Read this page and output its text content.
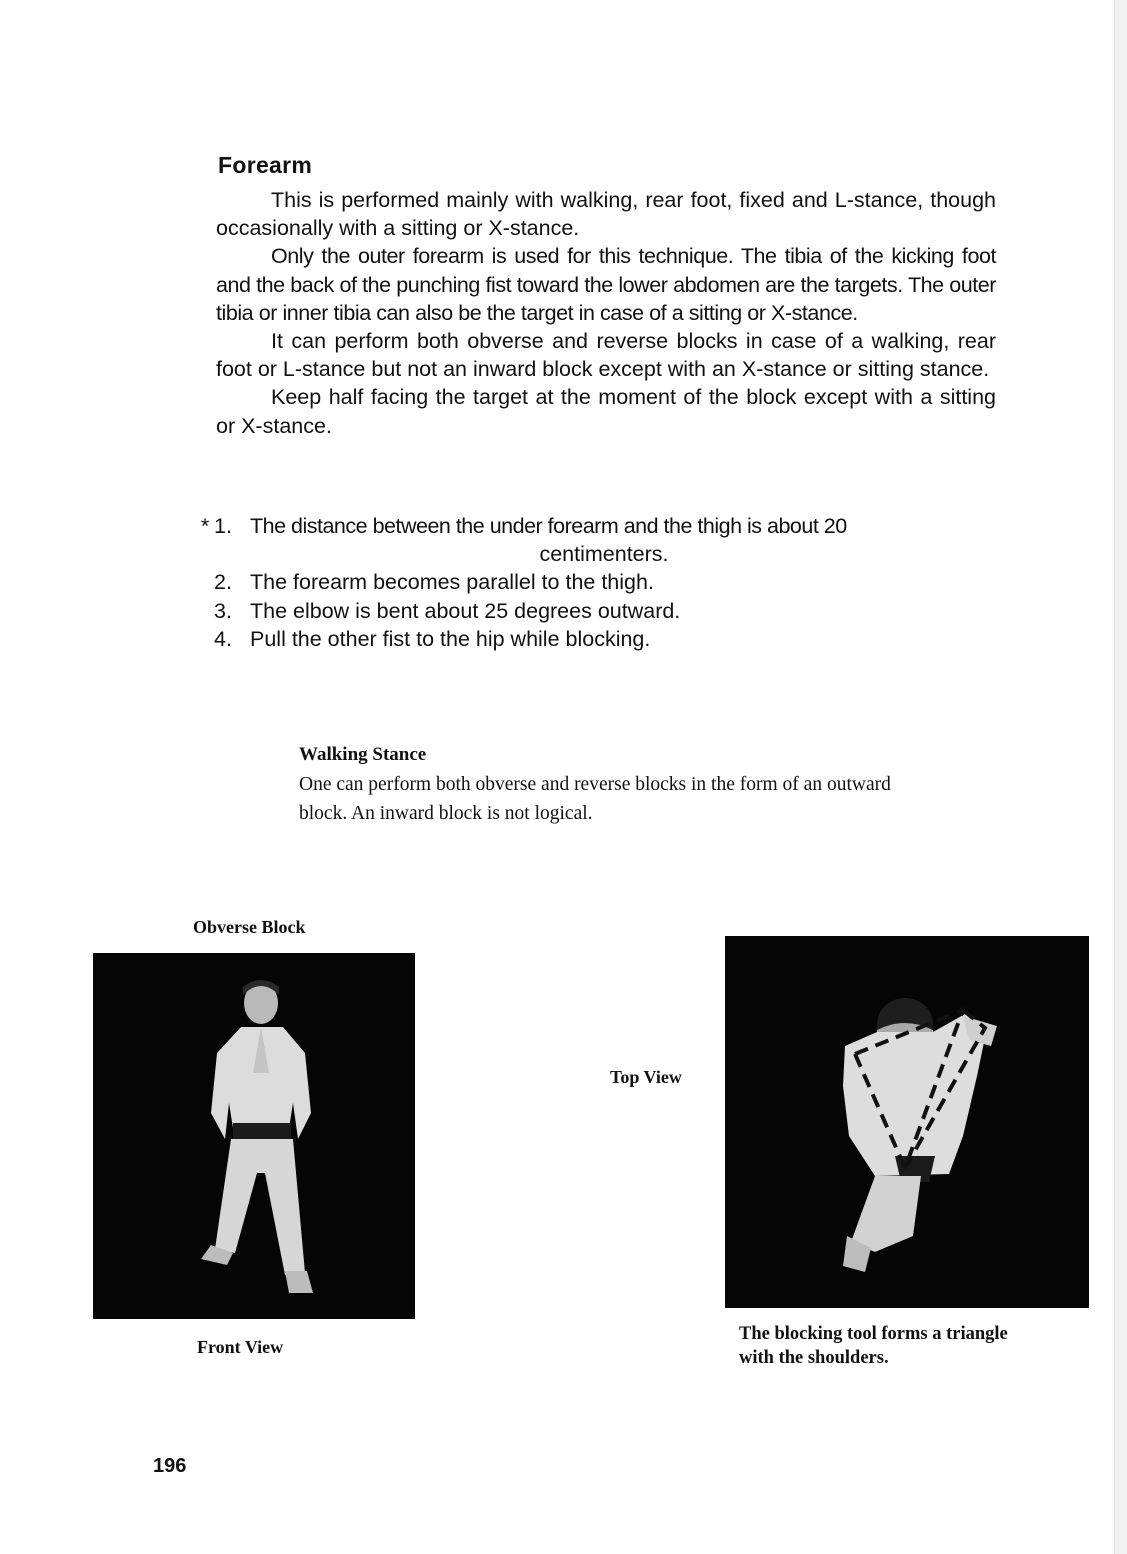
Forearm

This is performed mainly with walking, rear foot, fixed and L-stance, though occasionally with a sitting or X-stance.

Only the outer forearm is used for this technique. The tibia of the kicking foot and the back of the punching fist toward the lower abdomen are the targets. The outer tibia or inner tibia can also be the target in case of a sitting or X-stance.

It can perform both obverse and reverse blocks in case of a walking, rear foot or L-stance but not an inward block except with an X-stance or sitting stance.

Keep half facing the target at the moment of the block except with a sitting or X-stance.

* 1. The distance between the under forearm and the thigh is about 20
centimenters.
2. The forearm becomes parallel to the thigh.
3. The elbow is bent about 25 degrees outward.
4. Pull the other fist to the hip while blocking.
Walking Stance
One can perform both obverse and reverse blocks in the form of an outward block. An inward block is not logical.
Obverse Block
Front View
Top View
The blocking tool forms a triangle
with the shoulders.
196
